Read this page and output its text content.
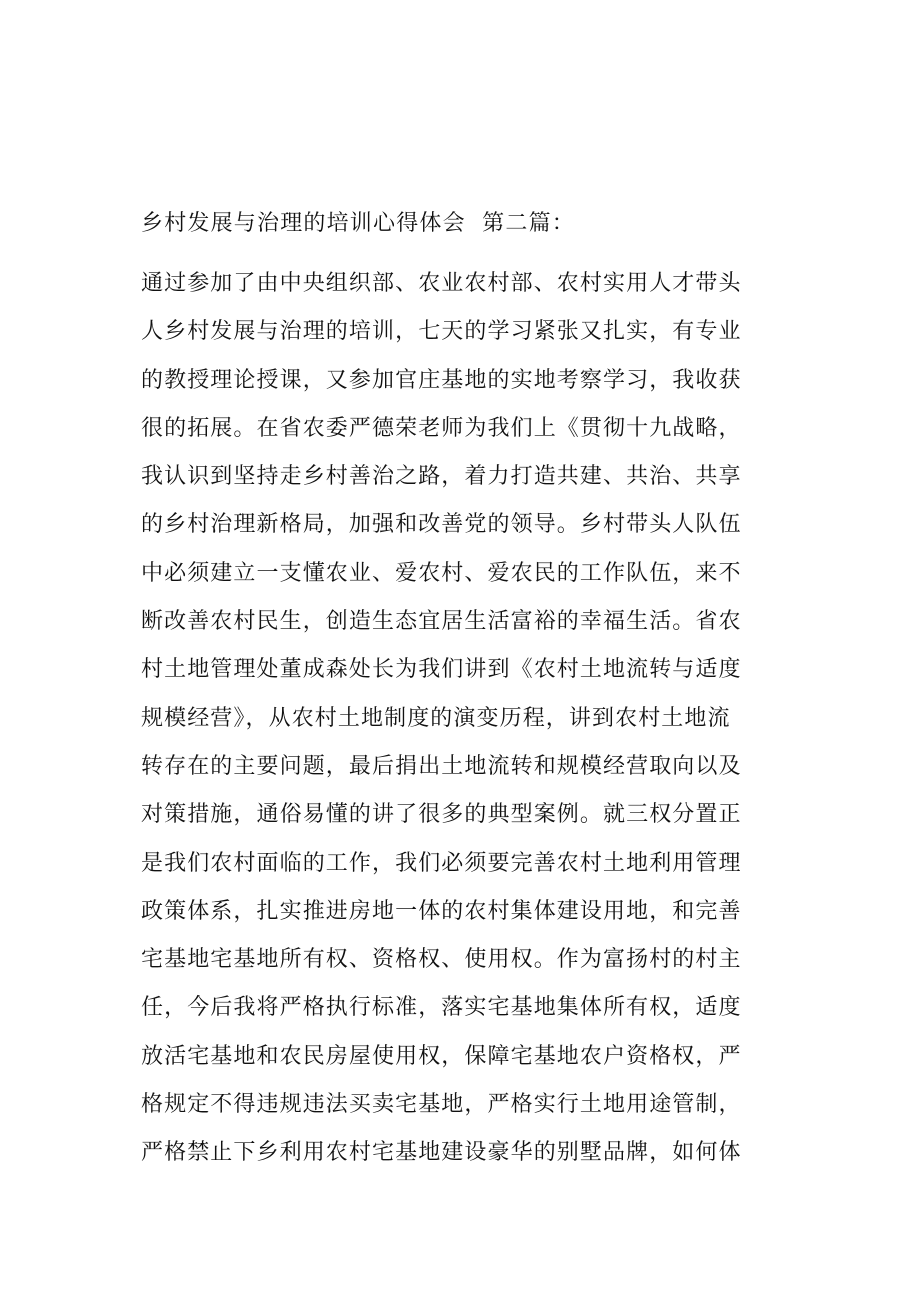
乡村发展与治理的培训心得体会  第二篇：
通过参加了由中央组织部、农业农村部、农村实用人才带头
人乡村发展与治理的培训，七天的学习紧张又扎实，有专业
的教授理论授课，又参加官庄基地的实地考察学习，我收获
很的拓展。在省农委严德荣老师为我们上《贯彻十九战略，
我认识到坚持走乡村善治之路，着力打造共建、共治、共享
的乡村治理新格局，加强和改善党的领导。乡村带头人队伍
中必须建立一支懂农业、爱农村、爱农民的工作队伍，来不
断改善农村民生，创造生态宜居生活富裕的幸福生活。省农
村土地管理处董成森处长为我们讲到《农村土地流转与适度
规模经营》，从农村土地制度的演变历程，讲到农村土地流
转存在的主要问题，最后捐出土地流转和规模经营取向以及
对策措施，通俗易懂的讲了很多的典型案例。就三权分置正
是我们农村面临的工作，我们必须要完善农村土地利用管理
政策体系，扎实推进房地一体的农村集体建设用地，和完善
宅基地宅基地所有权、资格权、使用权。作为富扬村的村主
任，今后我将严格执行标准，落实宅基地集体所有权，适度
放活宅基地和农民房屋使用权，保障宅基地农户资格权，严
格规定不得违规违法买卖宅基地，严格实行土地用途管制，
严格禁止下乡利用农村宅基地建设豪华的别墅品牌，如何体
